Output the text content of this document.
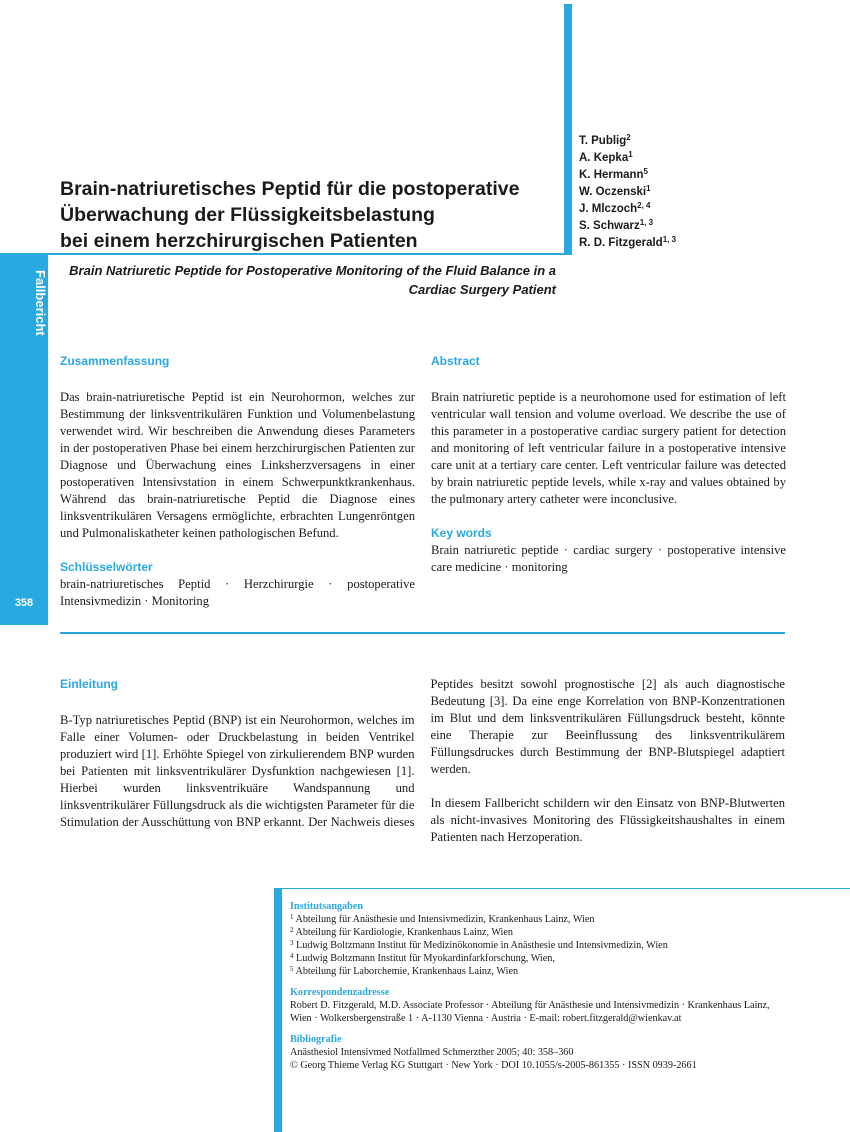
Fallbericht
358
T. Publig$^2$
A. Kepka$^1$
K. Hermann$^5$
W. Oczenski$^1$
J. Mlczoch$^{2, 4}$
S. Schwarz$^{1, 3}$
R. D. Fitzgerald$^{1, 3}$
Brain-natriuretisches Peptid für die postoperative
Überwachung der Flüssigkeitsbelastung
bei einem herzchirurgischen Patienten
Brain Natriuretic Peptide for Postoperative Monitoring of the Fluid Balance in a Cardiac Surgery Patient
Zusammenfassung

Das brain-natriuretische Peptid ist ein Neurohormon, welches zur Bestimmung der linksventrikulären Funktion und Volumenbelastung verwendet wird. Wir beschreiben die Anwendung dieses Parameters in der postoperativen Phase bei einem herzchirurgischen Patienten zur Diagnose und Überwachung eines Linksherzversagens in einer postoperativen Intensivstation in einem Schwerpunktkrankenhaus. Während das brain-natriuretische Peptid die Diagnose eines linksventrikulären Versagens ermöglichte, erbrachten Lungenröntgen und Pulmonaliskatheter keinen pathologischen Befund.

Schlüsselwörter

brain-natriuretisches Peptid · Herzchirurgie · postoperative Intensivmedizin · Monitoring

Abstract

Brain natriuretic peptide is a neurohomone used for estimation of left ventricular wall tension and volume overload. We describe the use of this parameter in a postoperative cardiac surgery patient for detection and monitoring of left ventricular failure in a postoperative intensive care unit at a tertiary care center. Left ventricular failure was detected by brain natriuretic peptide levels, while x-ray and values obtained by the pulmonary artery catheter were inconclusive.

Key words

Brain natriuretic peptide · cardiac surgery · postoperative intensive care medicine · monitoring

Einleitung

B-Typ natriuretisches Peptid (BNP) ist ein Neurohormon, welches im Falle einer Volumen- oder Druckbelastung in beiden Ventrikel produziert wird [1]. Erhöhte Spiegel von zirkulierendem BNP wurden bei Patienten mit linksventrikulärer Dysfunktion nachgewiesen [1]. Hierbei wurden linksventrikuäre Wandspannung und linksventrikulärer Füllungsdruck als die wichtigsten Parameter für die Stimulation der Ausschüttung von BNP erkannt. Der Nachweis dieses Peptides besitzt sowohl prognostische [2] als auch diagnostische Bedeutung [3]. Da eine enge Korrelation von BNP-Konzentrationen im Blut und dem linksventrikulären Füllungsdruck besteht, könnte eine Therapie zur Beeinflussung des linksventrikulärem Füllungsdruckes durch Bestimmung der BNP-Blutspiegel adaptiert werden.

In diesem Fallbericht schildern wir den Einsatz von BNP-Blutwerten als nicht-invasives Monitoring des Flüssigkeitshaushaltes in einem Patienten nach Herzoperation.

Institutsangaben
$^1$ Abteilung für Anästhesie und Intensivmedizin, Krankenhaus Lainz, Wien
$^2$ Abteilung für Kardiologie, Krankenhaus Lainz, Wien
$^3$ Ludwig Boltzmann Institut für Medizinökonomie in Anästhesie und Intensivmedizin, Wien
$^4$ Ludwig Boltzmann Institut für Myokardinfarkforschung, Wien,
$^5$ Abteilung für Laborchemie, Krankenhaus Lainz, Wien
Korrespondenzadresse
Robert D. Fitzgerald, M.D. Associate Professor · Abteilung für Anästhesie und Intensivmedizin · Krankenhaus Lainz, Wien · Wolkersbergenstraße 1 · A-1130 Vienna · Austria · E-mail: robert.fitzgerald@wienkav.at
Bibliografie
Anästhesiol Intensivmed Notfallmed Schmerzther 2005; 40: 358–360
© Georg Thieme Verlag KG Stuttgart · New York · DOI 10.1055/s-2005-861355 · ISSN 0939-2661
